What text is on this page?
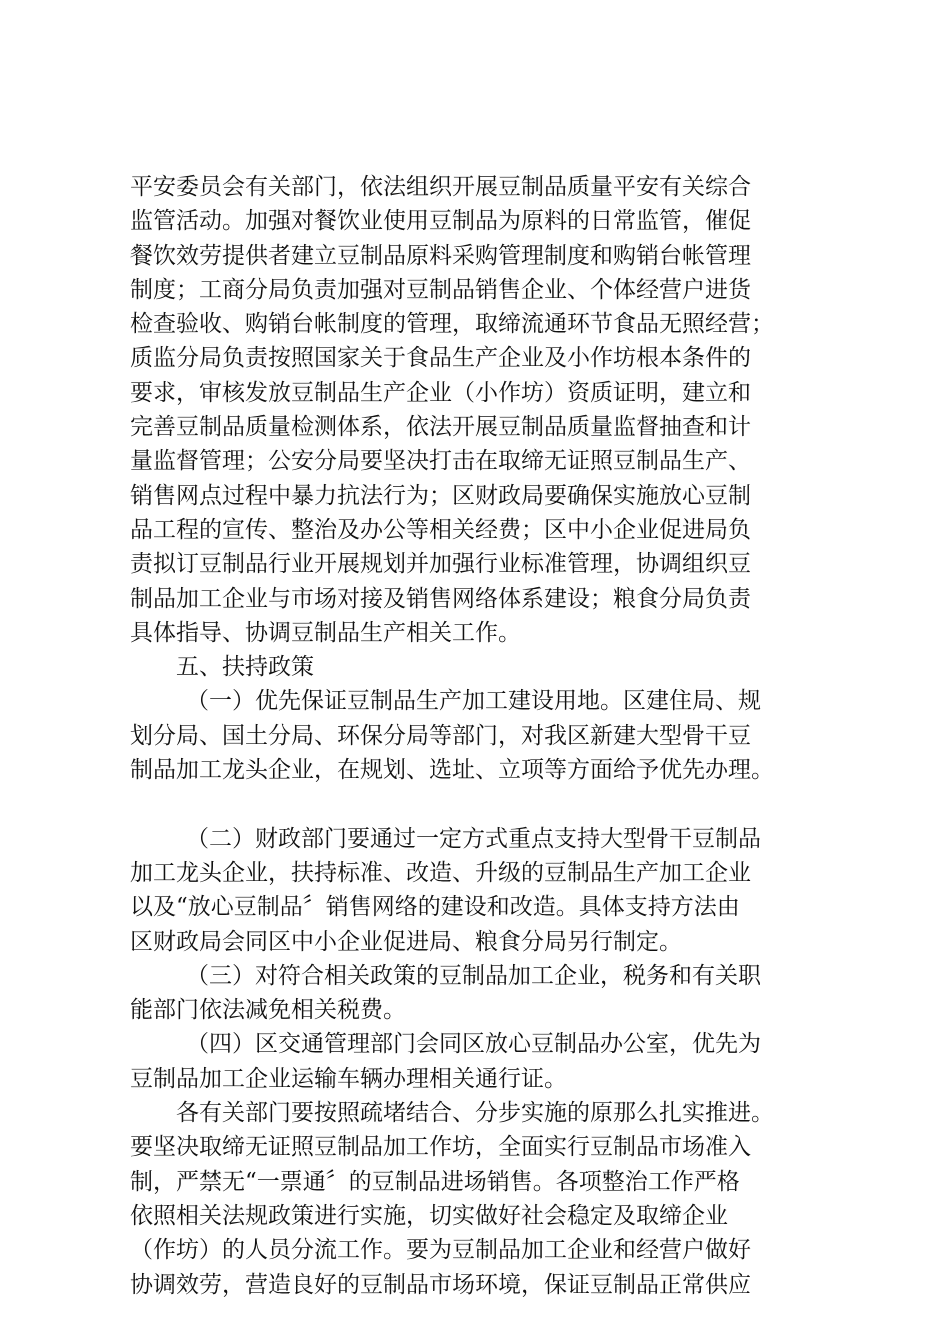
平安委员会有关部门，依法组织开展豆制品质量平安有关综合
监管活动。加强对餐饮业使用豆制品为原料的日常监管，催促
餐饮效劳提供者建立豆制品原料采购管理制度和购销台帐管理
制度；工商分局负责加强对豆制品销售企业、个体经营户进货
检查验收、购销台帐制度的管理，取缔流通环节食品无照经营；
质监分局负责按照国家关于食品生产企业及小作坊根本条件的
要求，审核发放豆制品生产企业（小作坊）资质证明，建立和
完善豆制品质量检测体系，依法开展豆制品质量监督抽查和计
量监督管理；公安分局要坚决打击在取缔无证照豆制品生产、
销售网点过程中暴力抗法行为；区财政局要确保实施放心豆制
品工程的宣传、整治及办公等相关经费；区中小企业促进局负
责拟订豆制品行业开展规划并加强行业标准管理，协调组织豆
制品加工企业与市场对接及销售网络体系建设；粮食分局负责
具体指导、协调豆制品生产相关工作。
五、扶持政策
（一）优先保证豆制品生产加工建设用地。区建住局、规
划分局、国土分局、环保分局等部门，对我区新建大型骨干豆
制品加工龙头企业，在规划、选址、立项等方面给予优先办理。
（二）财政部门要通过一定方式重点支持大型骨干豆制品
加工龙头企业，扶持标准、改造、升级的豆制品生产加工企业
以及“放心豆制品〞销售网络的建设和改造。具体支持方法由
区财政局会同区中小企业促进局、粮食分局另行制定。
（三）对符合相关政策的豆制品加工企业，税务和有关职
能部门依法减免相关税费。
（四）区交通管理部门会同区放心豆制品办公室，优先为
豆制品加工企业运输车辆办理相关通行证。
各有关部门要按照疏堵结合、分步实施的原那么扎实推进。
要坚决取缔无证照豆制品加工作坊，全面实行豆制品市场准入
制，严禁无“一票通〞的豆制品进场销售。各项整治工作严格
依照相关法规政策进行实施，切实做好社会稳定及取缔企业
（作坊）的人员分流工作。要为豆制品加工企业和经营户做好
协调效劳，营造良好的豆制品市场环境，保证豆制品正常供应
